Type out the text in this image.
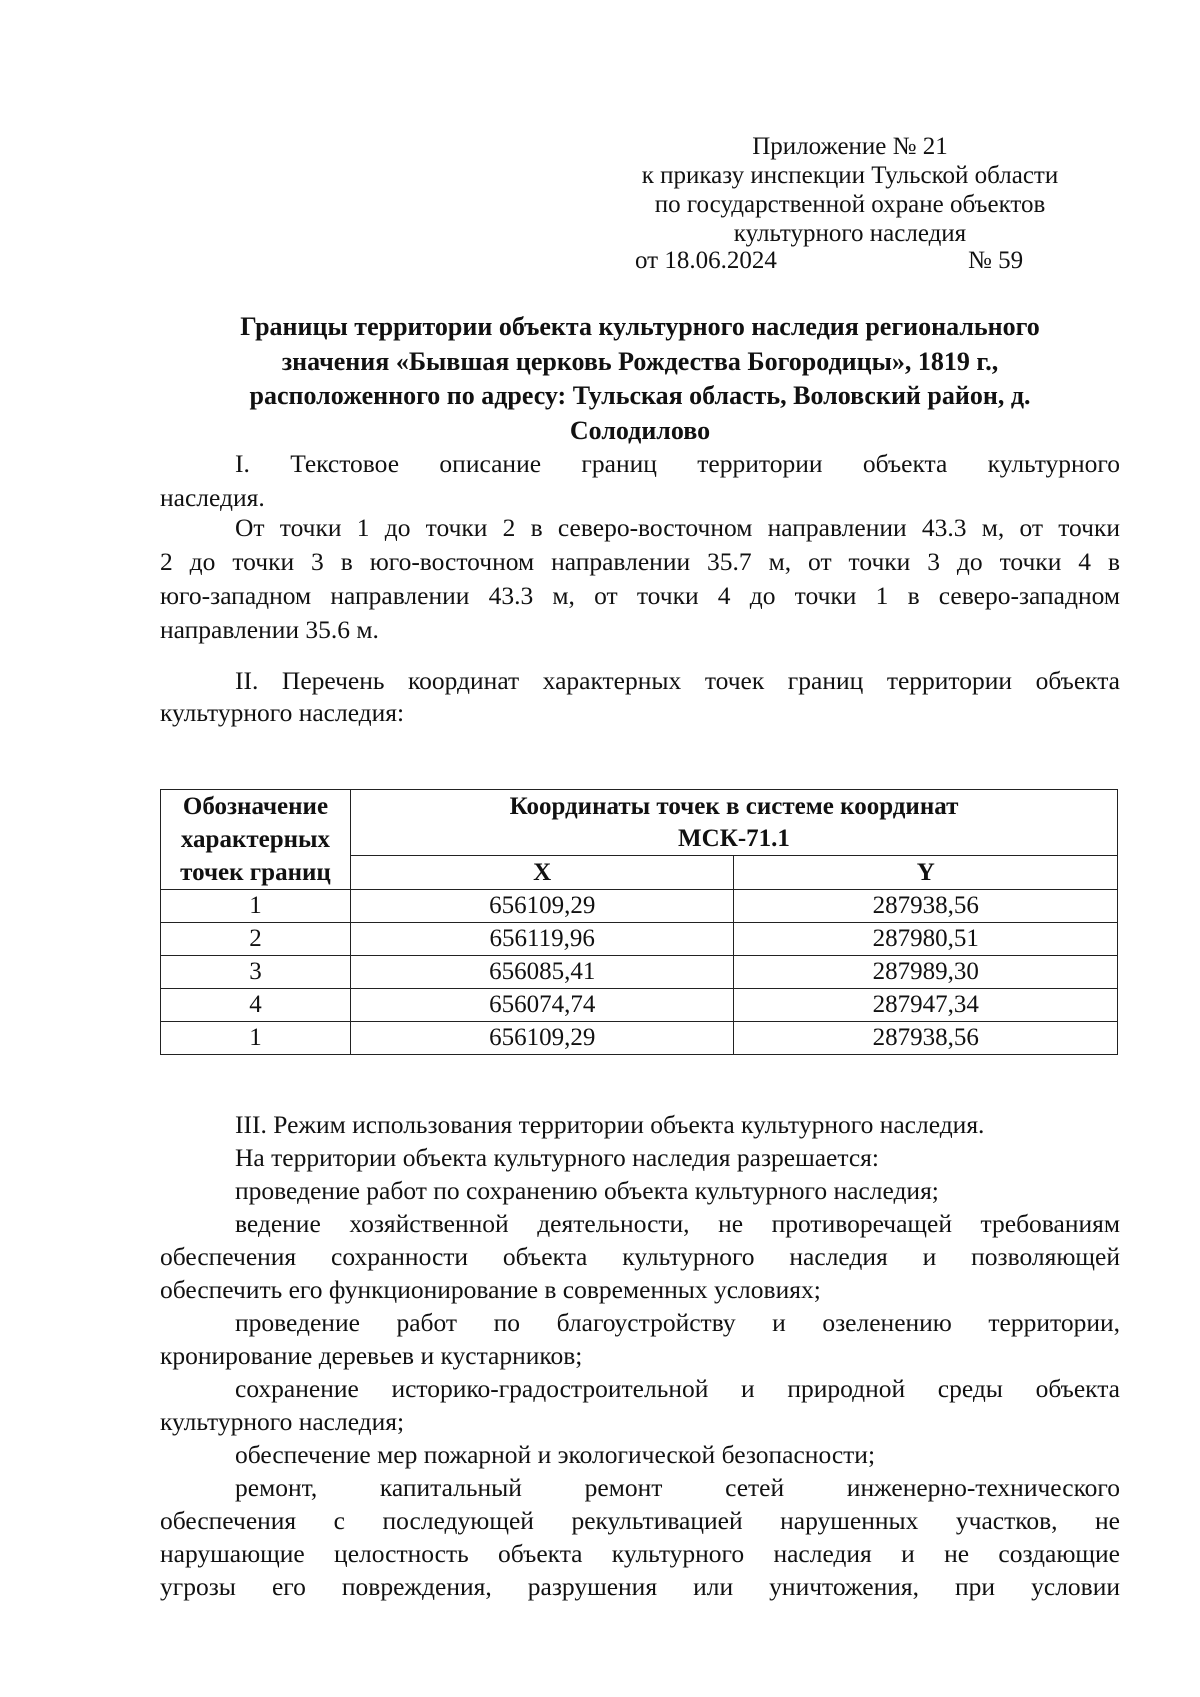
Приложение № 21
к приказу инспекции Тульской области
по государственной охране объектов
культурного наследия
от 18.06.2024	№ 59
Границы территории объекта культурного наследия регионального
значения «Бывшая церковь Рождества Богородицы», 1819 г.,
расположенного по адресу: Тульская область, Воловский район, д.
Солодилово
I. Текстовое описание границ территории объекта культурного
наследия.
От точки 1 до точки 2 в северо-восточном направлении 43.3 м, от точки
2 до точки 3 в юго-восточном направлении 35.7 м, от точки 3 до точки 4 в
юго-западном направлении 43.3 м, от точки 4 до точки 1 в северо-западном
направлении 35.6 м.
II. Перечень координат характерных точек границ территории объекта
культурного наследия:
Обозначение характерных точек границ	Координаты точек в системе координат
МСК-71.1	

	X	Y

1	656109,29	287938,56
2	656119,96	287980,51
3	656085,41	287989,30
4	656074,74	287947,34
1	656109,29	287938,56
III. Режим использования территории объекта культурного наследия.
На территории объекта культурного наследия разрешается:
проведение работ по сохранению объекта культурного наследия;
ведение хозяйственной деятельности, не противоречащей требованиям
обеспечения сохранности объекта культурного наследия и позволяющей
обеспечить его функционирование в современных условиях;
проведение работ по благоустройству и озеленению территории,
кронирование деревьев и кустарников;
сохранение историко-градостроительной и природной среды объекта
культурного наследия;
обеспечение мер пожарной и экологической безопасности;
ремонт, капитальный ремонт сетей инженерно-технического
обеспечения с последующей рекультивацией нарушенных участков, не
нарушающие целостность объекта культурного наследия и не создающие
угрозы его повреждения, разрушения или уничтожения, при условии
